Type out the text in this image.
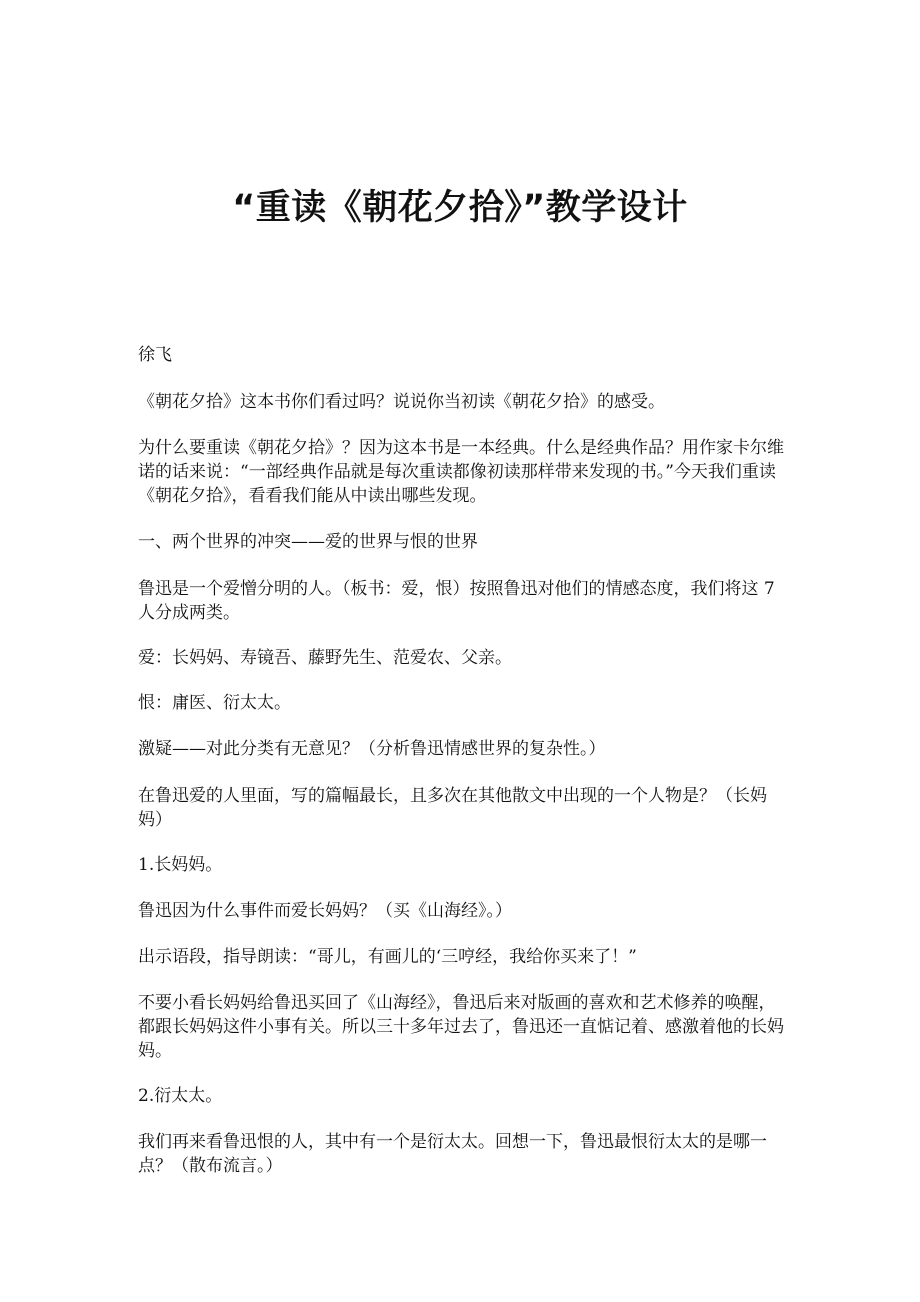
“重读《朝花夕拾》”教学设计

徐飞

《朝花夕拾》这本书你们看过吗？说说你当初读《朝花夕拾》的感受。

为什么要重读《朝花夕拾》？因为这本书是一本经典。什么是经典作品？用作家卡尔维诺的话来说：“一部经典作品就是每次重读都像初读那样带来发现的书。”今天我们重读《朝花夕拾》，看看我们能从中读出哪些发现。

一、两个世界的冲突——爱的世界与恨的世界

鲁迅是一个爱憎分明的人。（板书：爱，恨）按照鲁迅对他们的情感态度，我们将这 7 人分成两类。

爱：长妈妈、寿镜吾、藤野先生、范爱农、父亲。

恨：庸医、衍太太。

激疑——对此分类有无意见？（分析鲁迅情感世界的复杂性。）

在鲁迅爱的人里面，写的篇幅最长，且多次在其他散文中出现的一个人物是？（长妈妈）

1.长妈妈。

鲁迅因为什么事件而爱长妈妈？（买《山海经》。）

出示语段，指导朗读：“哥儿，有画儿的‘三哼经，我给你买来了！”

不要小看长妈妈给鲁迅买回了《山海经》，鲁迅后来对版画的喜欢和艺术修养的唤醒，都跟长妈妈这件小事有关。所以三十多年过去了，鲁迅还一直惦记着、感激着他的长妈妈。

2.衍太太。

我们再来看鲁迅恨的人，其中有一个是衍太太。回想一下，鲁迅最恨衍太太的是哪一点？（散布流言。）
